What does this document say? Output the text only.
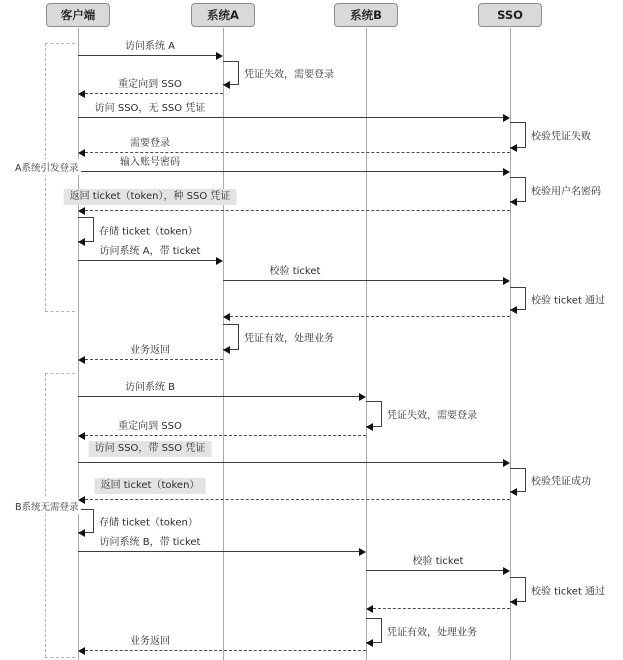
A系统引发登录
B系统无需登录
访问系统 A
凭证失效，需要登录
重定向到 SSO
访问 SSO，无 SSO 凭证
校验凭证失败
需要登录
输入账号密码
校验用户名密码
返回 ticket（token），种 SSO 凭证
存储 ticket（token）
访问系统 A，带 ticket
校验 ticket
校验 ticket 通过
凭证有效，处理业务
业务返回
访问系统 B
凭证失效，需要登录
重定向到 SSO
访问 SSO，带 SSO 凭证
校验凭证成功
返回 ticket（token）
存储 ticket（token）
访问系统 B，带 ticket
校验 ticket
校验 ticket 通过
凭证有效，处理业务
业务返回
客户端	系统A	系统B	SSO
